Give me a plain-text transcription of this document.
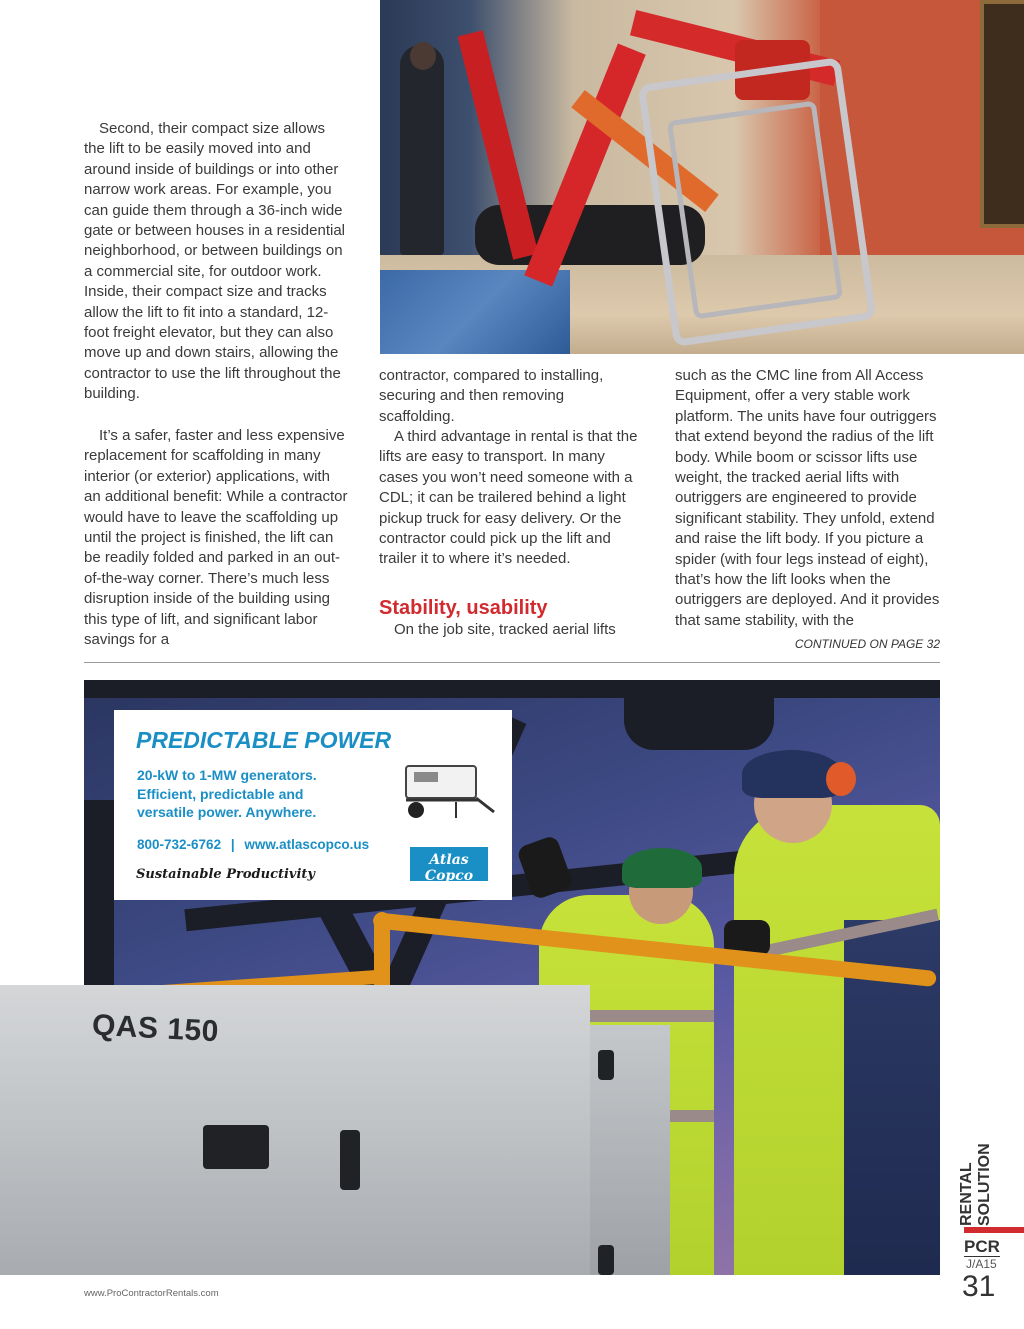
Second, their compact size allows the lift to be easily moved into and around inside of buildings or into other narrow work areas. For example, you can guide them through a 36-inch wide gate or between houses in a residential neighborhood, or between buildings on a commercial site, for outdoor work. Inside, their compact size and tracks allow the lift to fit into a standard, 12-foot freight elevator, but they can also move up and down stairs, allowing the contractor to use the lift throughout the building.

It’s a safer, faster and less expensive replacement for scaffolding in many interior (or exterior) applications, with an additional benefit: While a contractor would have to leave the scaffolding up until the project is finished, the lift can be readily folded and parked in an out-of-the-way corner. There’s much less disruption inside of the building using this type of lift, and significant labor savings for a

contractor, compared to installing, securing and then removing scaffolding.

A third advantage in rental is that the lifts are easy to transport. In many cases you won’t need someone with a CDL; it can be trailered behind a light pickup truck for easy delivery. Or the contractor could pick up the lift and trailer it to where it’s needed.

Stability, usability

On the job site, tracked aerial lifts

such as the CMC line from All Access Equipment, offer a very stable work platform. The units have four outriggers that extend beyond the radius of the lift body. While boom or scissor lifts use weight, the tracked aerial lifts with outriggers are engineered to provide significant stability. They unfold, extend and raise the lift body. If you picture a spider (with four legs instead of eight), that’s how the lift looks when the outriggers are deployed. And it provides that same stability, with the

CONTINUED ON PAGE 32
QAS 150
PREDICTABLE POWER
20-kW to 1-MW generators.
Efficient, predictable and
versatile power. Anywhere.
800-732-6762 | www.atlascopco.us
Sustainable Productivity
Atlas Copco
RENTAL SOLUTION
PCR
J/A15
31
www.ProContractorRentals.com
